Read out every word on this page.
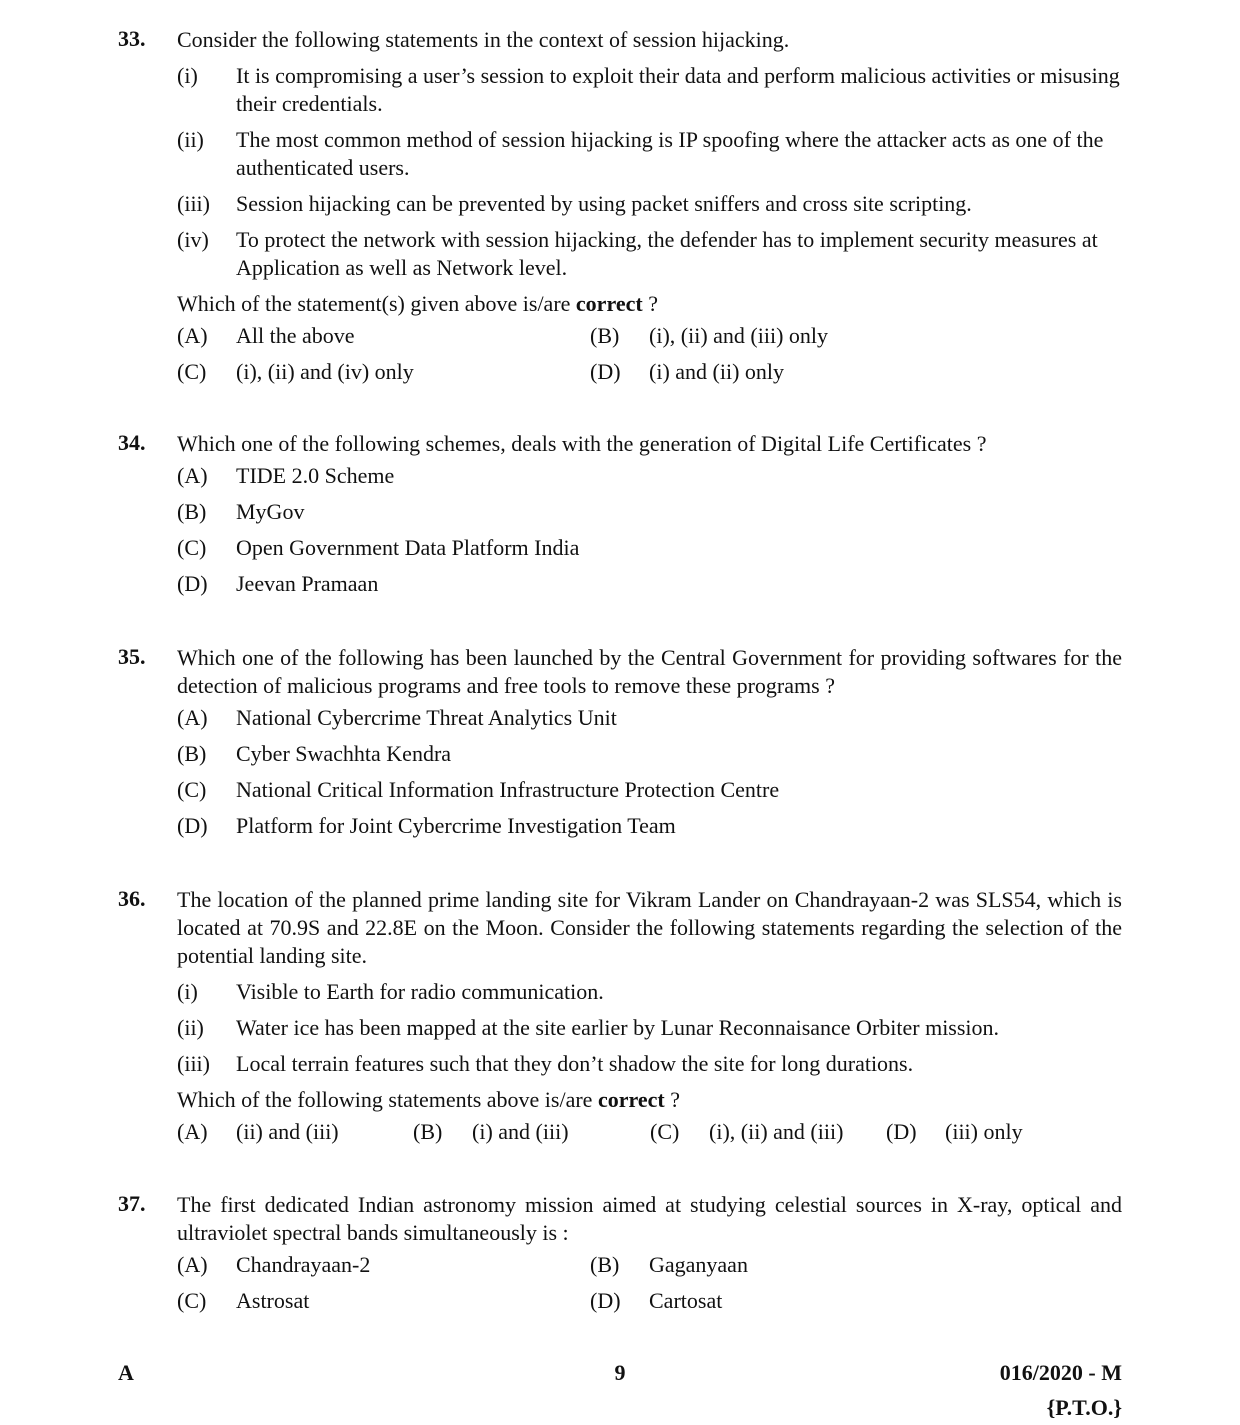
33. Consider the following statements in the context of session hijacking.
(i) It is compromising a user’s session to exploit their data and perform malicious activities or misusing their credentials.
(ii) The most common method of session hijacking is IP spoofing where the attacker acts as one of the authenticated users.
(iii) Session hijacking can be prevented by using packet sniffers and cross site scripting.
(iv) To protect the network with session hijacking, the defender has to implement security measures at Application as well as Network level.
Which of the statement(s) given above is/are correct ?
(A) All the above	(B) (i), (ii) and (iii) only
(C) (i), (ii) and (iv) only	(D) (i) and (ii) only
34. Which one of the following schemes, deals with the generation of Digital Life Certificates ?
(A) TIDE 2.0 Scheme
(B) MyGov
(C) Open Government Data Platform India
(D) Jeevan Pramaan
35. Which one of the following has been launched by the Central Government for providing softwares for the detection of malicious programs and free tools to remove these programs ?
(A) National Cybercrime Threat Analytics Unit
(B) Cyber Swachhta Kendra
(C) National Critical Information Infrastructure Protection Centre
(D) Platform for Joint Cybercrime Investigation Team
36. The location of the planned prime landing site for Vikram Lander on Chandrayaan-2 was SLS54, which is located at 70.9S and 22.8E on the Moon. Consider the following statements regarding the selection of the potential landing site.
(i) Visible to Earth for radio communication.
(ii) Water ice has been mapped at the site earlier by Lunar Reconnaisance Orbiter mission.
(iii) Local terrain features such that they don’t shadow the site for long durations.
Which of the following statements above is/are correct ?
(A) (ii) and (iii)	(B) (i) and (iii)	(C) (i), (ii) and (iii) (D) (iii) only
37. The first dedicated Indian astronomy mission aimed at studying celestial sources in X-ray, optical and ultraviolet spectral bands simultaneously is :
(A) Chandrayaan-2	(B) Gaganyaan
(C) Astrosat	(D) Cartosat
A	9	016/2020 - M
{P.T.O.}
